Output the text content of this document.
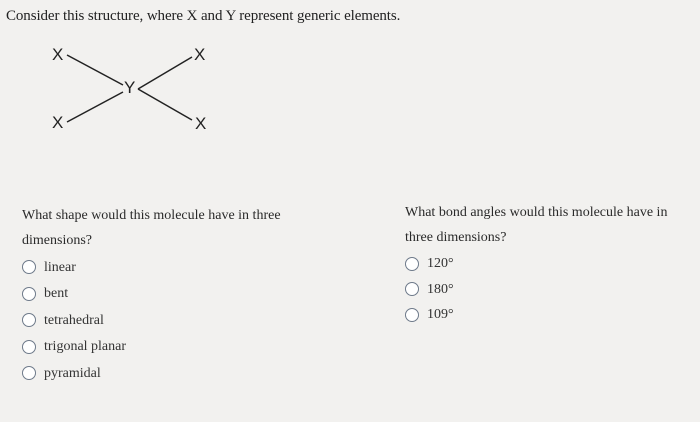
Consider this structure, where X and Y represent generic elements.
X	X
X	X
Y
What shape would this molecule have in three dimensions?
linear
bent
tetrahedral
trigonal planar
pyramidal
What bond angles would this molecule have in three dimensions?
120°
180°
109°
